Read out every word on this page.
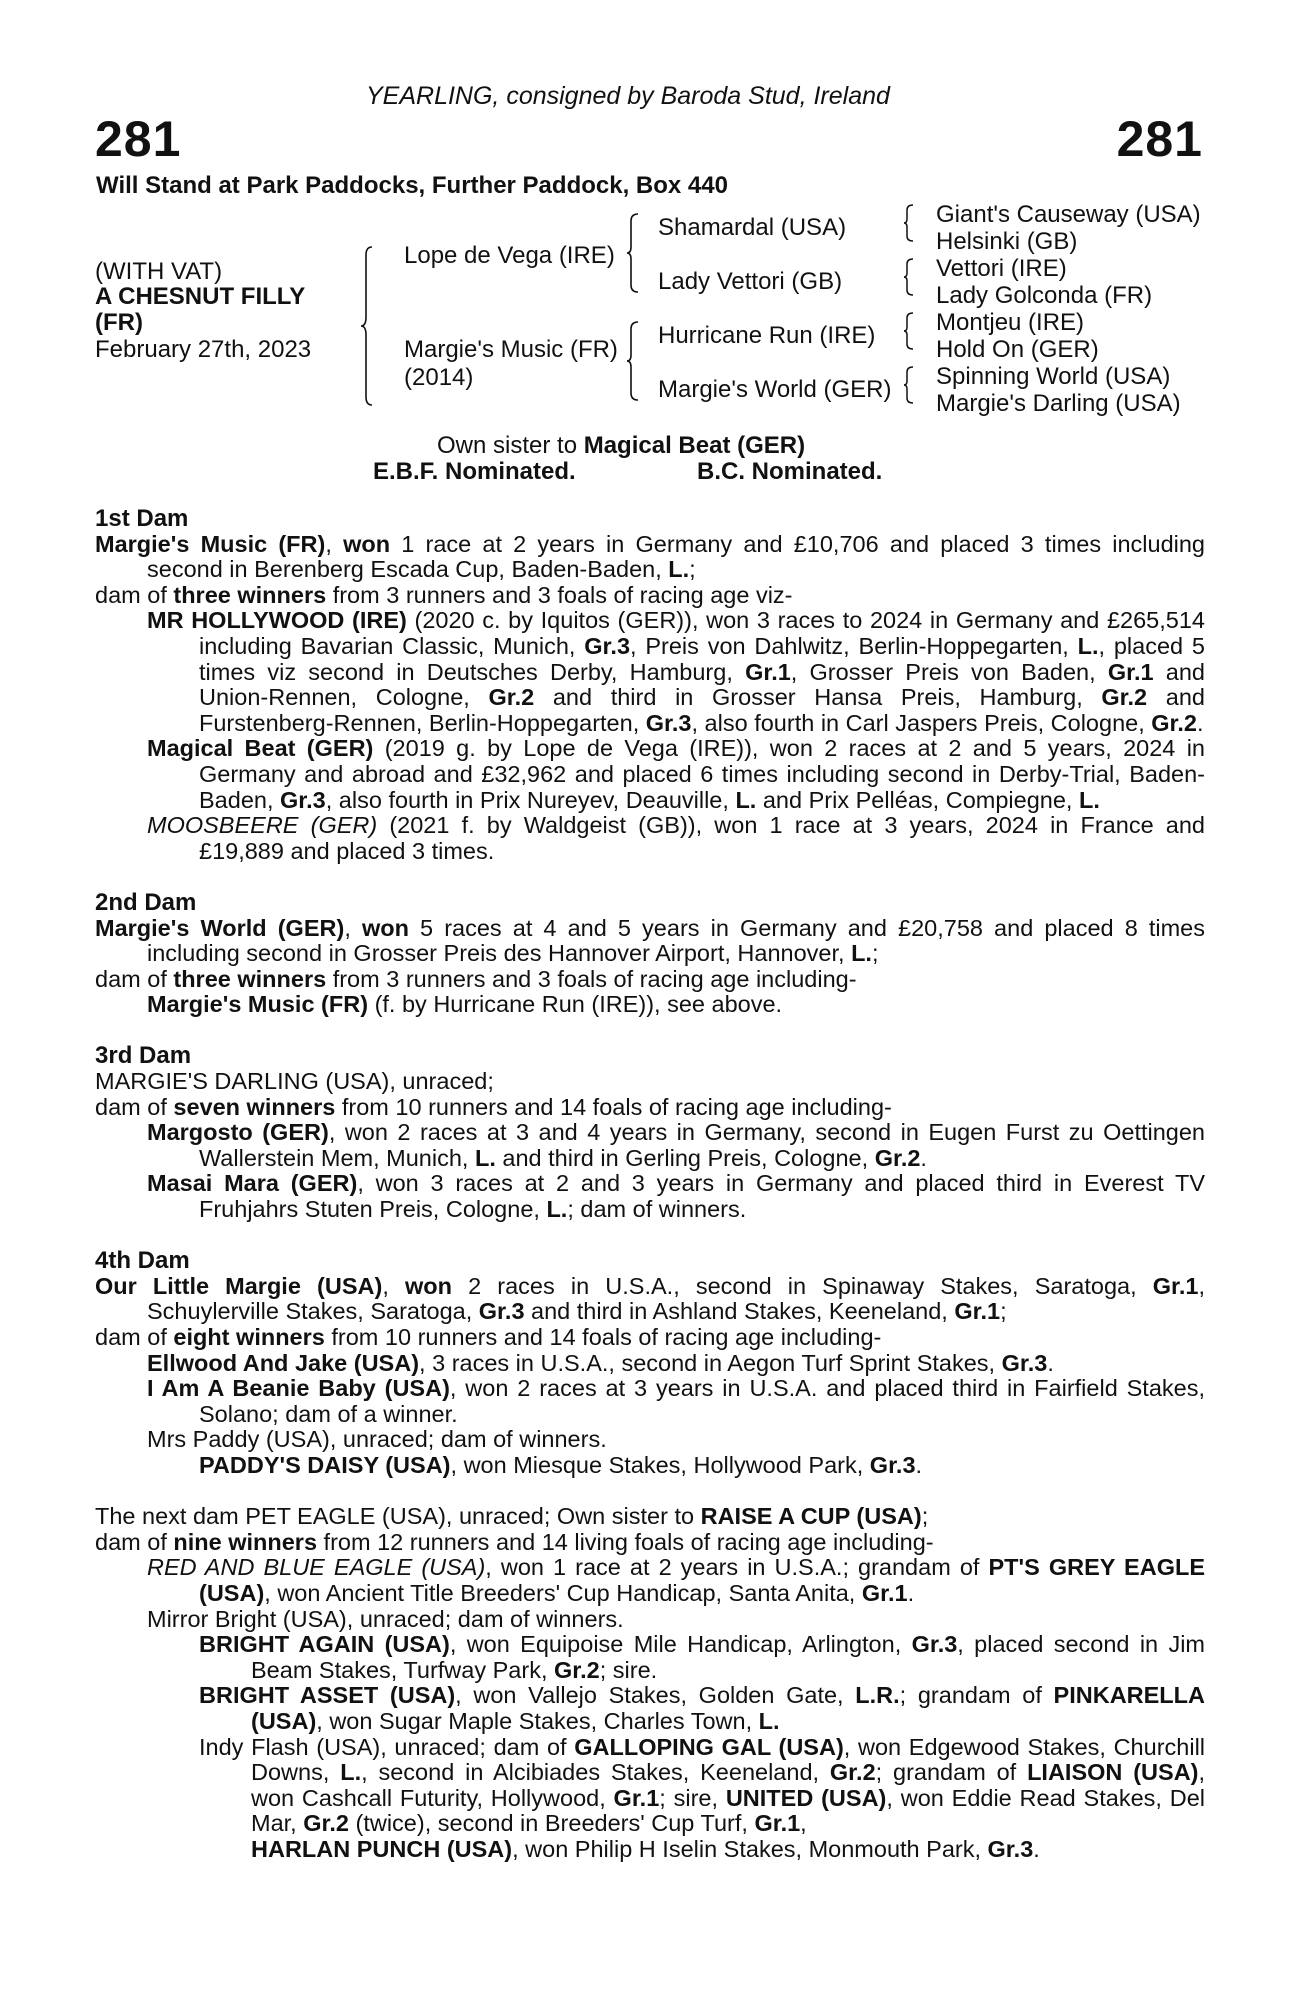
281	281
YEARLING, consigned by Baroda Stud, Ireland
Will Stand at Park Paddocks, Further Paddock, Box 440
(WITH VAT)
A CHESNUT FILLY
(FR)
February 27th, 2023
Lope de Vega (IRE)
Margie's Music (FR)
(2014)
Shamardal (USA)
Lady Vettori (GB)
Hurricane Run (IRE)
Margie's World (GER)
Giant's Causeway (USA)
Helsinki (GB)
Vettori (IRE)
Lady Golconda (FR)
Montjeu (IRE)
Hold On (GER)
Spinning World (USA)
Margie's Darling (USA)
Own sister to Magical Beat (GER)
E.B.F. Nominated.	B.C. Nominated.
1st Dam

Margie's Music (FR), won 1 race at 2 years in Germany and £10,706 and placed 3 times including second in Berenberg Escada Cup, Baden-Baden, L.;

dam of three winners from 3 runners and 3 foals of racing age viz-

MR HOLLYWOOD (IRE) (2020 c. by Iquitos (GER)), won 3 races to 2024 in Germany and £265,514 including Bavarian Classic, Munich, Gr.3, Preis von Dahlwitz, Berlin-Hoppegarten, L., placed 5 times viz second in Deutsches Derby, Hamburg, Gr.1, Grosser Preis von Baden, Gr.1 and Union-Rennen, Cologne, Gr.2 and third in Grosser Hansa Preis, Hamburg, Gr.2 and Furstenberg-Rennen, Berlin-Hoppegarten, Gr.3, also fourth in Carl Jaspers Preis, Cologne, Gr.2.

Magical Beat (GER) (2019 g. by Lope de Vega (IRE)), won 2 races at 2 and 5 years, 2024 in Germany and abroad and £32,962 and placed 6 times including second in Derby-Trial, Baden-Baden, Gr.3, also fourth in Prix Nureyev, Deauville, L. and Prix Pelléas, Compiegne, L.

MOOSBEERE (GER) (2021 f. by Waldgeist (GB)), won 1 race at 3 years, 2024 in France and £19,889 and placed 3 times.

2nd Dam

Margie's World (GER), won 5 races at 4 and 5 years in Germany and £20,758 and placed 8 times including second in Grosser Preis des Hannover Airport, Hannover, L.;

dam of three winners from 3 runners and 3 foals of racing age including-

Margie's Music (FR) (f. by Hurricane Run (IRE)), see above.

3rd Dam

MARGIE'S DARLING (USA), unraced;

dam of seven winners from 10 runners and 14 foals of racing age including-

Margosto (GER), won 2 races at 3 and 4 years in Germany, second in Eugen Furst zu Oettingen Wallerstein Mem, Munich, L. and third in Gerling Preis, Cologne, Gr.2.

Masai Mara (GER), won 3 races at 2 and 3 years in Germany and placed third in Everest TV Fruhjahrs Stuten Preis, Cologne, L.; dam of winners.

4th Dam

Our Little Margie (USA), won 2 races in U.S.A., second in Spinaway Stakes, Saratoga, Gr.1, Schuylerville Stakes, Saratoga, Gr.3 and third in Ashland Stakes, Keeneland, Gr.1;

dam of eight winners from 10 runners and 14 foals of racing age including-

Ellwood And Jake (USA), 3 races in U.S.A., second in Aegon Turf Sprint Stakes, Gr.3.

I Am A Beanie Baby (USA), won 2 races at 3 years in U.S.A. and placed third in Fairfield Stakes, Solano; dam of a winner.

Mrs Paddy (USA), unraced; dam of winners.

PADDY'S DAISY (USA), won Miesque Stakes, Hollywood Park, Gr.3.

The next dam PET EAGLE (USA), unraced; Own sister to RAISE A CUP (USA);

dam of nine winners from 12 runners and 14 living foals of racing age including-

RED AND BLUE EAGLE (USA), won 1 race at 2 years in U.S.A.; grandam of PT'S GREY EAGLE (USA), won Ancient Title Breeders' Cup Handicap, Santa Anita, Gr.1.

Mirror Bright (USA), unraced; dam of winners.

BRIGHT AGAIN (USA), won Equipoise Mile Handicap, Arlington, Gr.3, placed second in Jim Beam Stakes, Turfway Park, Gr.2; sire.

BRIGHT ASSET (USA), won Vallejo Stakes, Golden Gate, L.R.; grandam of PINKARELLA (USA), won Sugar Maple Stakes, Charles Town, L.

Indy Flash (USA), unraced; dam of GALLOPING GAL (USA), won Edgewood Stakes, Churchill Downs, L., second in Alcibiades Stakes, Keeneland, Gr.2; grandam of LIAISON (USA), won Cashcall Futurity, Hollywood, Gr.1; sire, UNITED (USA), won Eddie Read Stakes, Del Mar, Gr.2 (twice), second in Breeders' Cup Turf, Gr.1,
HARLAN PUNCH (USA), won Philip H Iselin Stakes, Monmouth Park, Gr.3.
